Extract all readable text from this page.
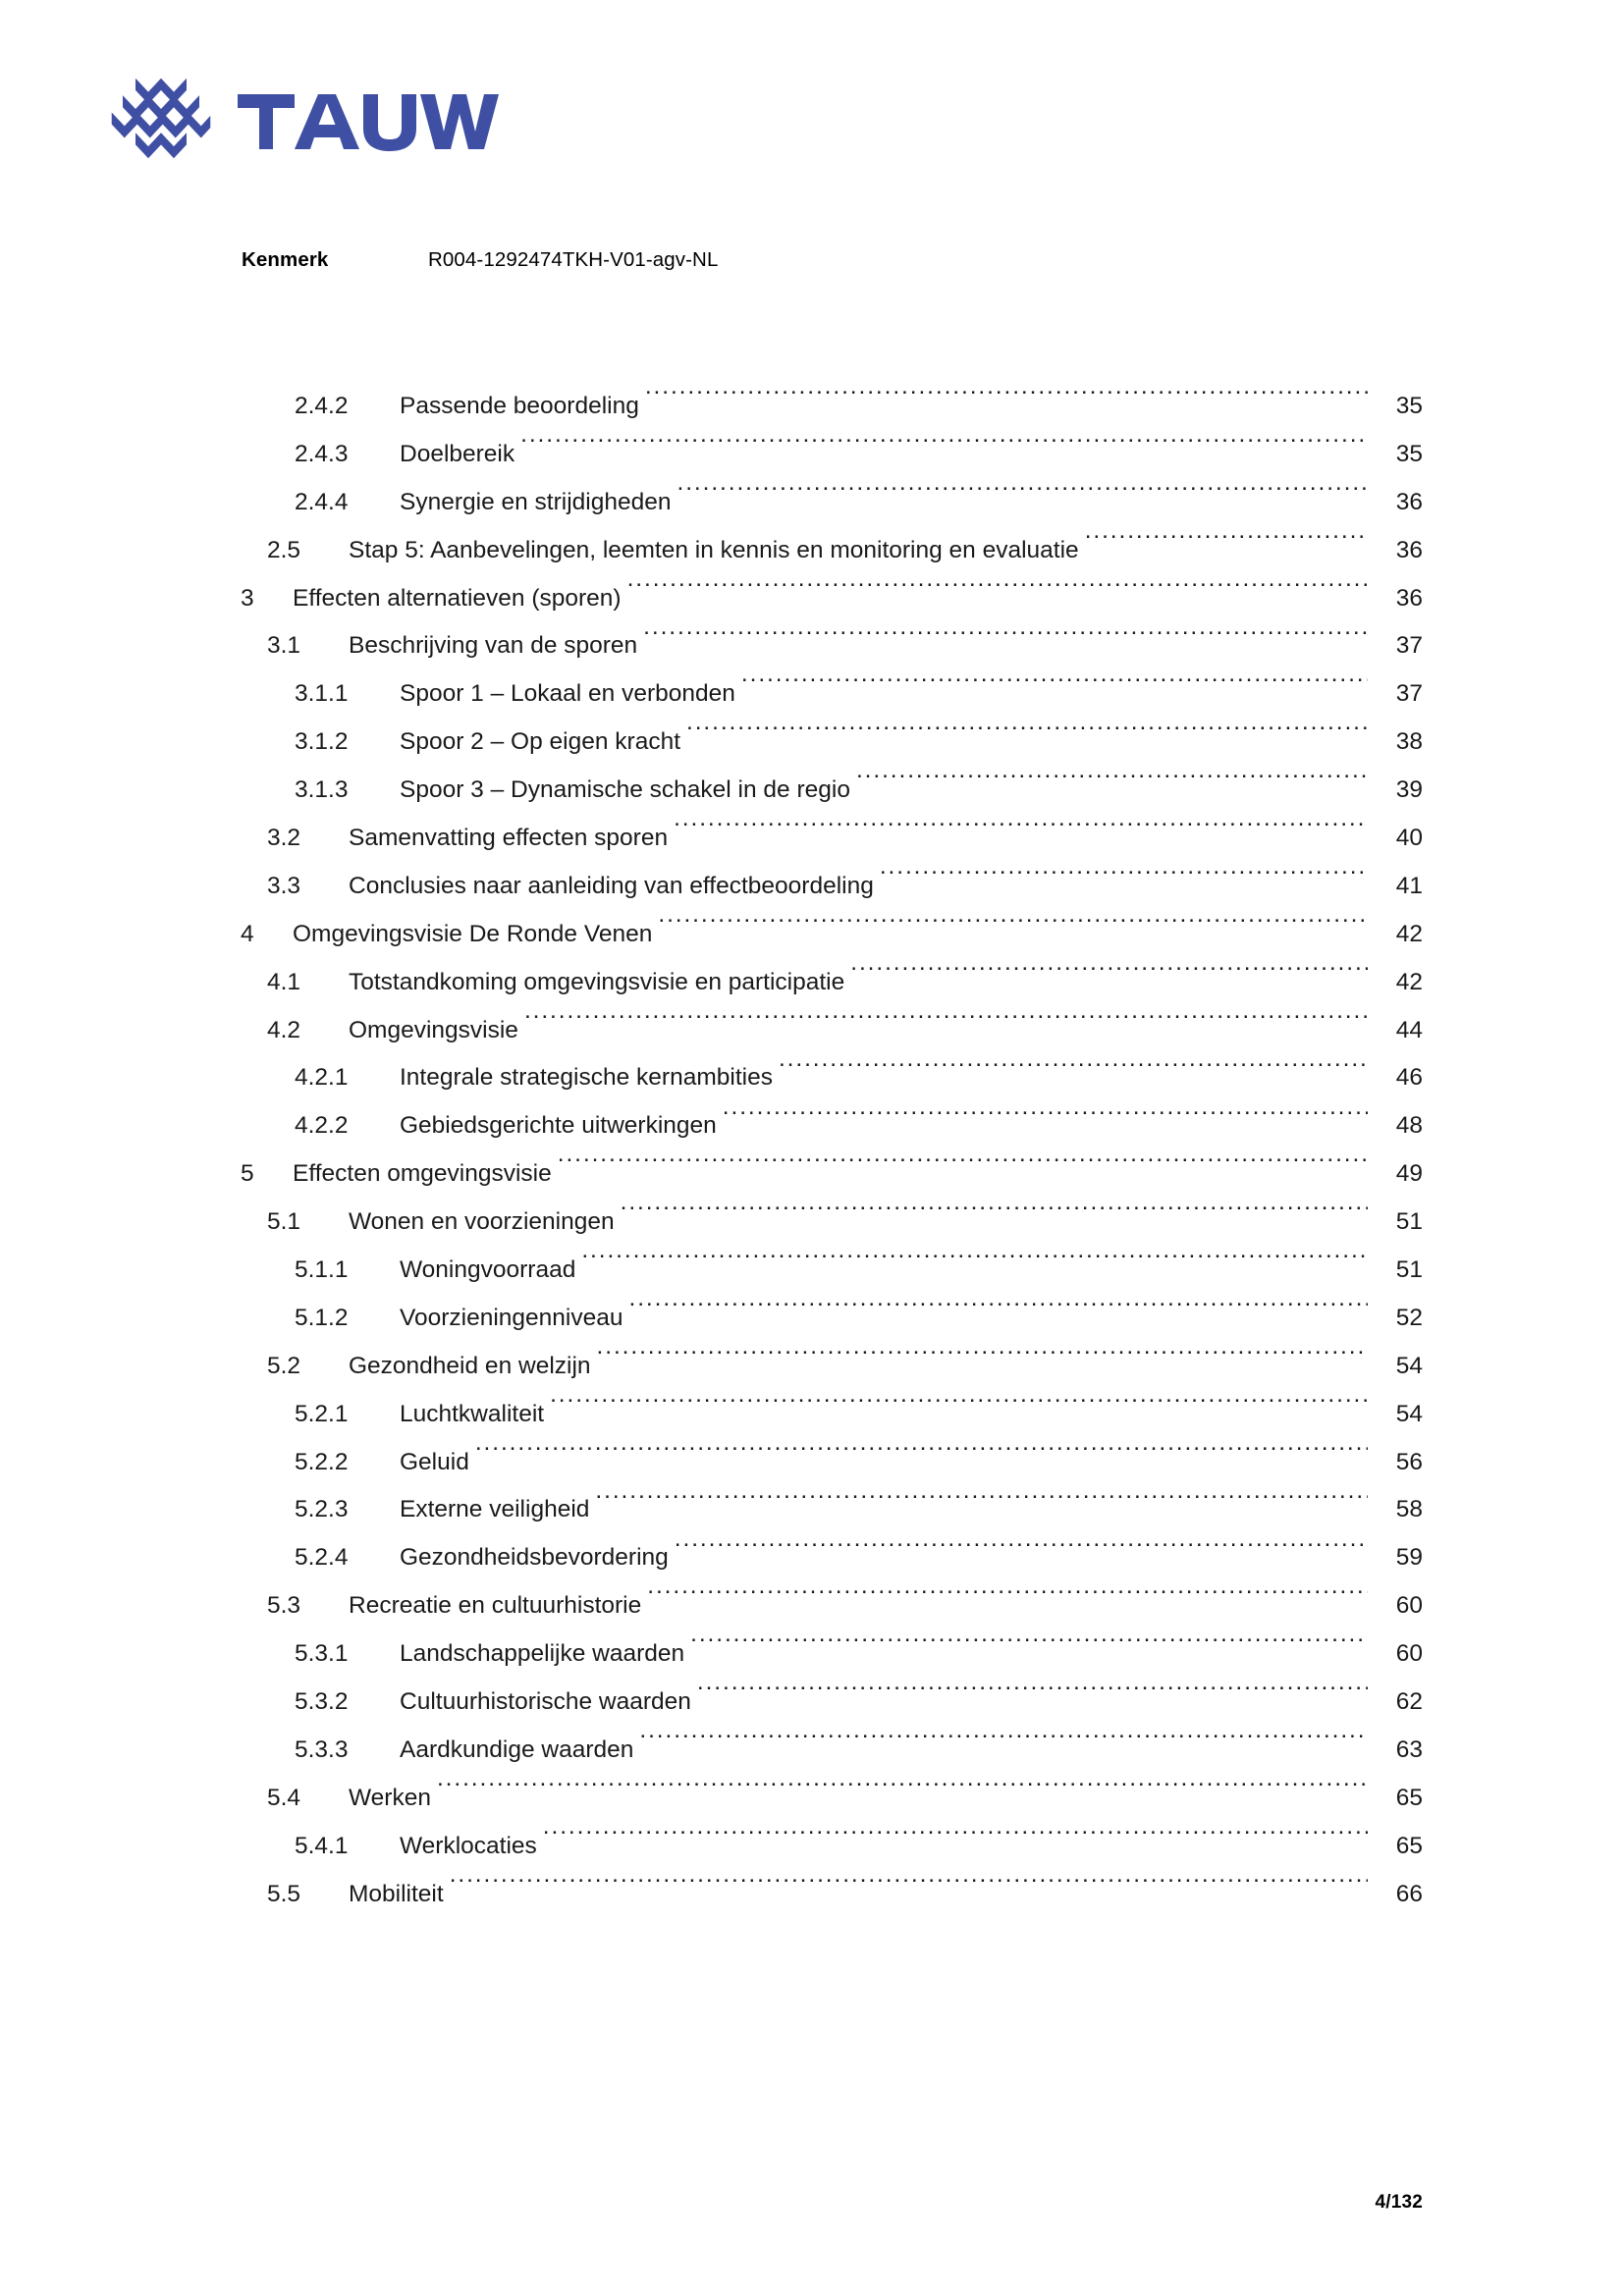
Kenmerk	R004-1292474TKH-V01-agv-NL
2.4.2	Passende beoordeling .....	35
2.4.3	Doelbereik .....	35
2.4.4	Synergie en strijdigheden .....	36
2.5	Stap 5: Aanbevelingen, leemten in kennis en monitoring en evaluatie .....	36
3	Effecten alternatieven (sporen) .....	36
3.1	Beschrijving van de sporen .....	37
3.1.1	Spoor 1 – Lokaal en verbonden .....	37
3.1.2	Spoor 2 – Op eigen kracht .....	38
3.1.3	Spoor 3 – Dynamische schakel in de regio .....	39
3.2	Samenvatting effecten sporen .....	40
3.3	Conclusies naar aanleiding van effectbeoordeling .....	41
4	Omgevingsvisie De Ronde Venen .....	42
4.1	Totstandkoming omgevingsvisie en participatie .....	42
4.2	Omgevingsvisie .....	44
4.2.1	Integrale strategische kernambities .....	46
4.2.2	Gebiedsgerichte uitwerkingen .....	48
5	Effecten omgevingsvisie .....	49
5.1	Wonen en voorzieningen .....	51
5.1.1	Woningvoorraad .....	51
5.1.2	Voorzieningenniveau .....	52
5.2	Gezondheid en welzijn .....	54
5.2.1	Luchtkwaliteit .....	54
5.2.2	Geluid .....	56
5.2.3	Externe veiligheid .....	58
5.2.4	Gezondheidsbevordering .....	59
5.3	Recreatie en cultuurhistorie .....	60
5.3.1	Landschappelijke waarden .....	60
5.3.2	Cultuurhistorische waarden .....	62
5.3.3	Aardkundige waarden .....	63
5.4	Werken .....	65
5.4.1	Werklocaties .....	65
5.5	Mobiliteit .....	66
4/132
